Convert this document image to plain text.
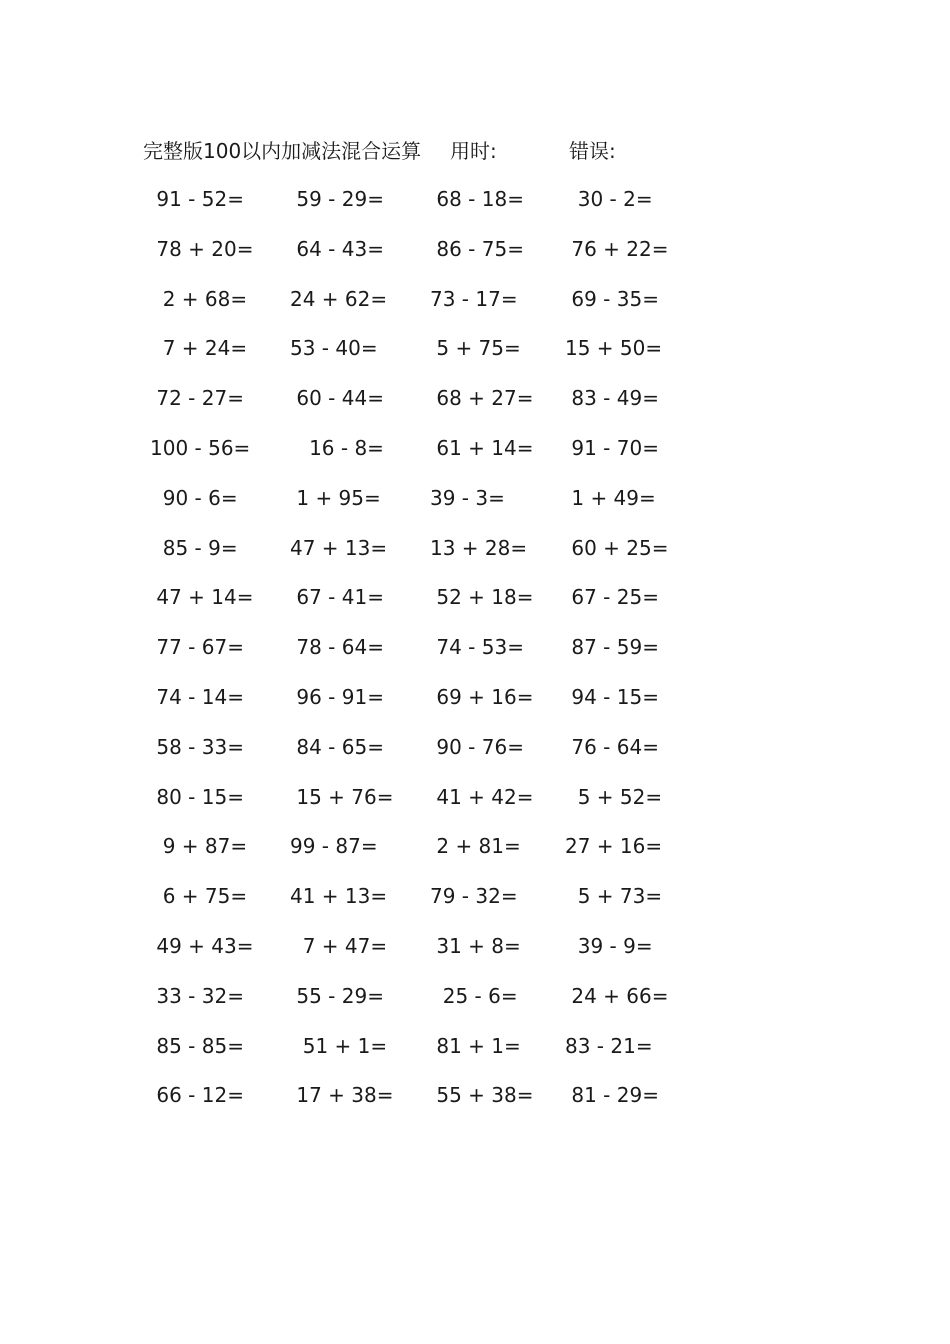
完整版100以内加减法混合运算 用时:	错误:
91 - 52= 59 - 29= 68 - 18= 30 - 2=
78 + 20= 64 - 43= 86 - 75= 76 + 22=
2 + 68= 24 + 62= 73 - 17= 69 - 35=
7 + 24= 53 - 40=	5 + 75= 15 + 50=
72 - 27= 60 - 44= 68 + 27= 83 - 49=
100 - 56= 16 - 8= 61 + 14= 91 - 70=
90 - 6=	1 + 95= 39 - 3=	1 + 49=
85 - 9=	47 + 13= 13 + 28= 60 + 25=
47 + 14= 67 - 41= 52 + 18= 67 - 25=
77 - 67= 78 - 64= 74 - 53= 87 - 59=
74 - 14= 96 - 91= 69 + 16= 94 - 15=
58 - 33= 84 - 65= 90 - 76= 76 - 64=
80 - 15= 15 + 76= 41 + 42= 5 + 52=
9 + 87= 99 - 87=	2 + 81= 27 + 16=
6 + 75= 41 + 13= 79 - 32= 5 + 73=
49 + 43= 7 + 47= 31 + 8= 39 - 9=
33 - 32= 55 - 29= 25 - 6= 24 + 66=
85 - 85= 51 + 1= 81 + 1= 83 - 21=
66 - 12= 17 + 38= 55 + 38= 81 - 29=
